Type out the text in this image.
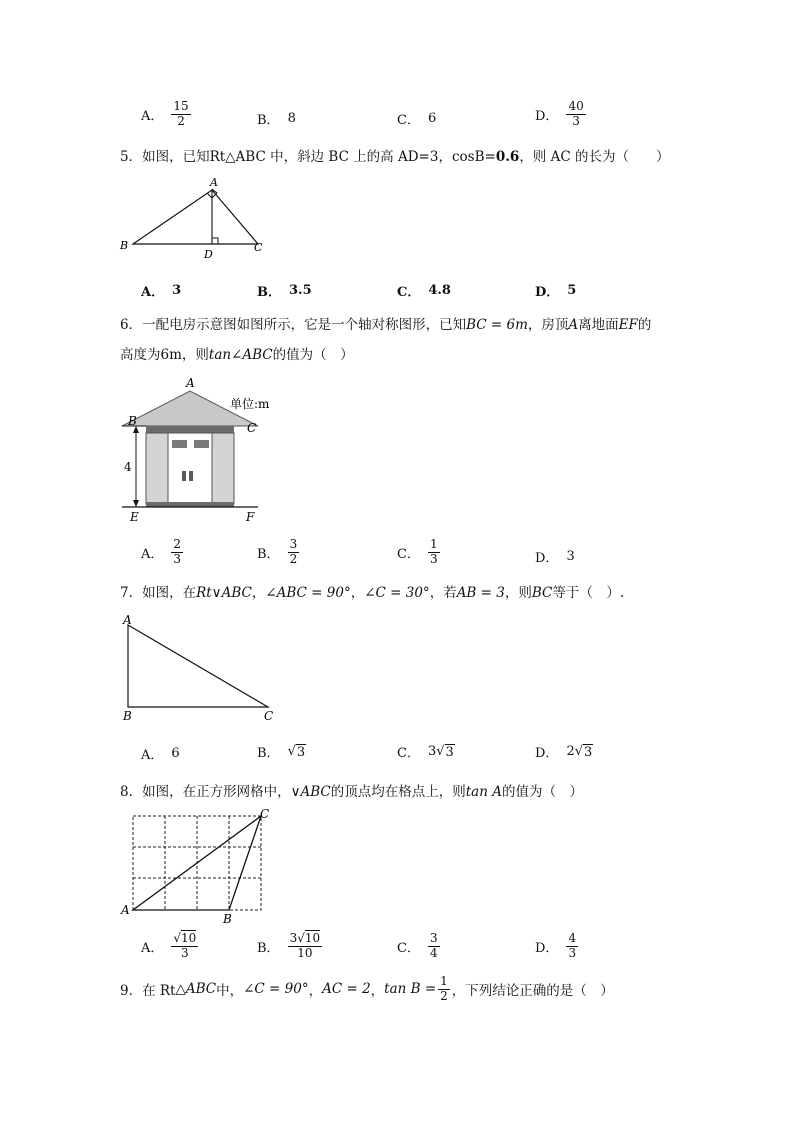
A． $\frac{15}{2}$	B． 8	C． 6	D． $\frac{40}{3}$
5．如图，已知Rt△ABC 中，斜边 BC 上的高 AD=3，cosB=0.6，则 AC 的长为（　　）
A
B	C
D
A． 3	B． 3.5	C． 4.8	D． 5
6．一配电房示意图如图所示，它是一个轴对称图形，已知BC = 6m，房顶A离地面EF的
高度为6m，则tan∠ABC的值为（　）
4
A
B	C
E	F
单位:m
A． $\frac{2}{3}$	B． $\frac{3}{2}$	C． $\frac{1}{3}$	D． 3
7．如图，在Rt∨ABC，∠ABC = 90°，∠C = 30°，若AB = 3，则BC等于（　）.
A
B	C
A． 6	B． √ 3	C． 3 √ 3	D． 2 √ 3
8．如图，在正方形网格中，∨ABC的顶点均在格点上，则tan A的值为（　）
A
B
C
A． $\frac{√10}{3}$	B． $\frac{3√10}{10}$	C． $\frac{3}{4}$	D． $\frac{4}{3}$
9．在 Rt △ABC 中， ∠C = 90° ， AC = 2 ， $\tan B = \frac{1}{2}$ ，下列结论正确的是（　）
